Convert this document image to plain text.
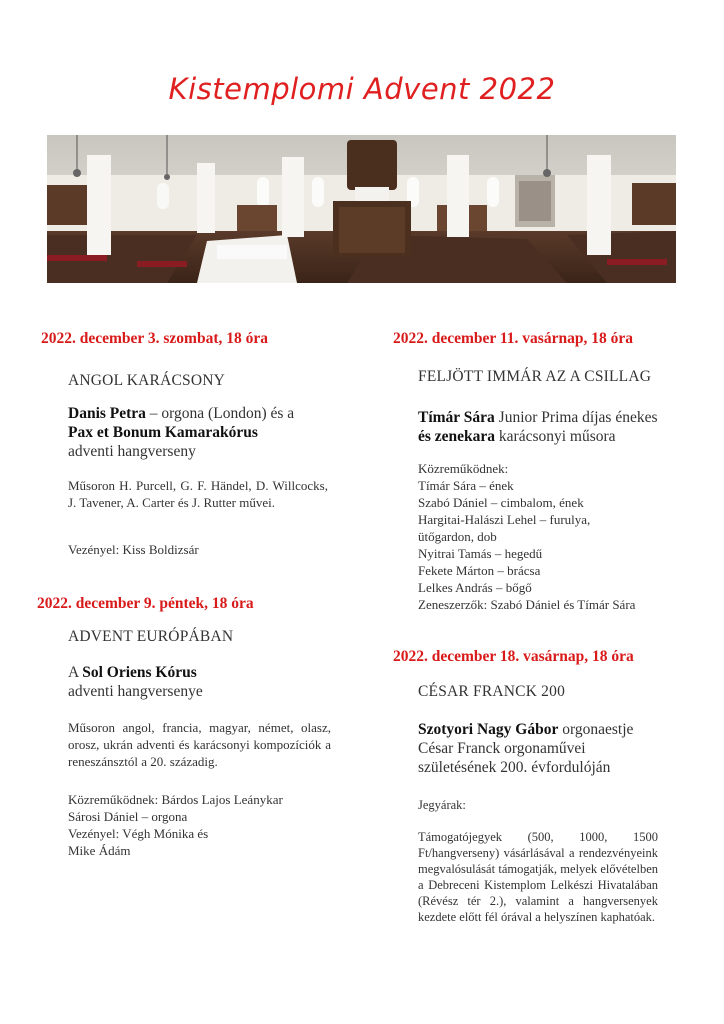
Kistemplomi Advent 2022
2022. december 3. szombat, 18 óra
ANGOL KARÁCSONY
Danis Petra – orgona (London) és a
Pax et Bonum Kamarakórus
adventi hangverseny
Műsoron H. Purcell, G. F. Händel, D. Willcocks, J. Tavener, A. Carter és J. Rutter művei.
Vezényel: Kiss Boldizsár
2022. december 9. péntek, 18 óra
ADVENT EURÓPÁBAN
A Sol Oriens Kórus
adventi hangversenye
Műsoron angol, francia, magyar, német, olasz, orosz, ukrán adventi és karácsonyi kompozíciók a reneszánsztól a 20. századig.
Közreműködnek: Bárdos Lajos Leánykar
Sárosi Dániel – orgona
Vezényel: Végh Mónika és
Mike Ádám
2022. december 11. vasárnap, 18 óra
FELJÖTT IMMÁR AZ A CSILLAG
Tímár Sára Junior Prima díjas énekes
és zenekara karácsonyi műsora
Közreműködnek:
Tímár Sára – ének
Szabó Dániel – cimbalom, ének
Hargitai-Halászi Lehel – furulya,
ütőgardon, dob
Nyitrai Tamás – hegedű
Fekete Márton – brácsa
Lelkes András – bőgő
Zeneszerzők: Szabó Dániel és Tímár Sára
2022. december 18. vasárnap, 18 óra
CÉSAR FRANCK 200
Szotyori Nagy Gábor orgonaestje
César Franck orgonaművei
születésének 200. évfordulóján
Jegyárak:
Támogatójegyek (500, 1000, 1500 Ft/hangverseny) vásárlásával a rendezvényeink megvalósulását támogatják, melyek elővételben a Debreceni Kistemplom Lelkészi Hivatalában (Révész tér 2.), valamint a hangversenyek kezdete előtt fél órával a helyszínen kaphatóak.
